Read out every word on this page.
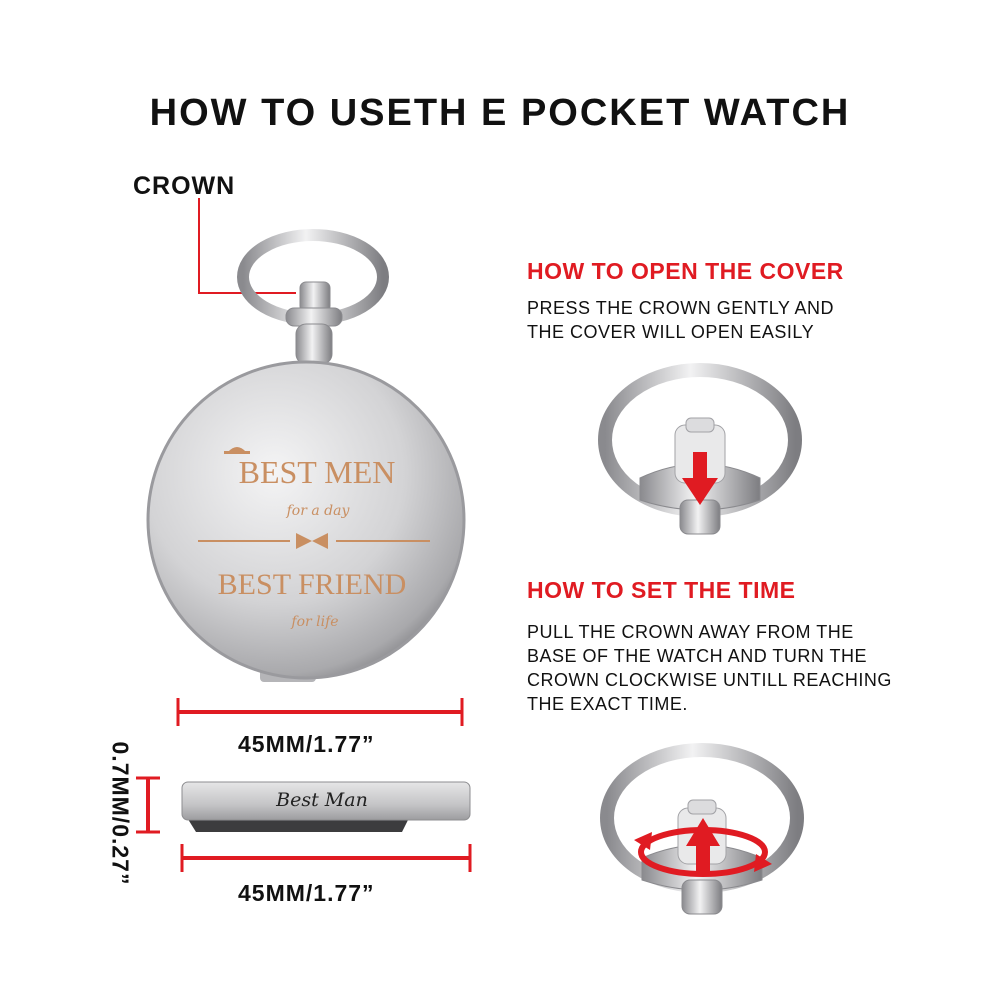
HOW TO USETH E POCKET WATCH
CROWN
HOW TO OPEN THE COVER
PRESS THE CROWN GENTLY AND
THE COVER WILL OPEN EASILY
HOW TO SET THE TIME
PULL THE CROWN AWAY FROM THE
BASE OF THE WATCH AND TURN THE
CROWN CLOCKWISE UNTILL REACHING
THE EXACT TIME.
BEST MEN
for a day
BEST FRIEND
for life
Best Man
45MM/1.77”
45MM/1.77”
0.7MM/0.27”
